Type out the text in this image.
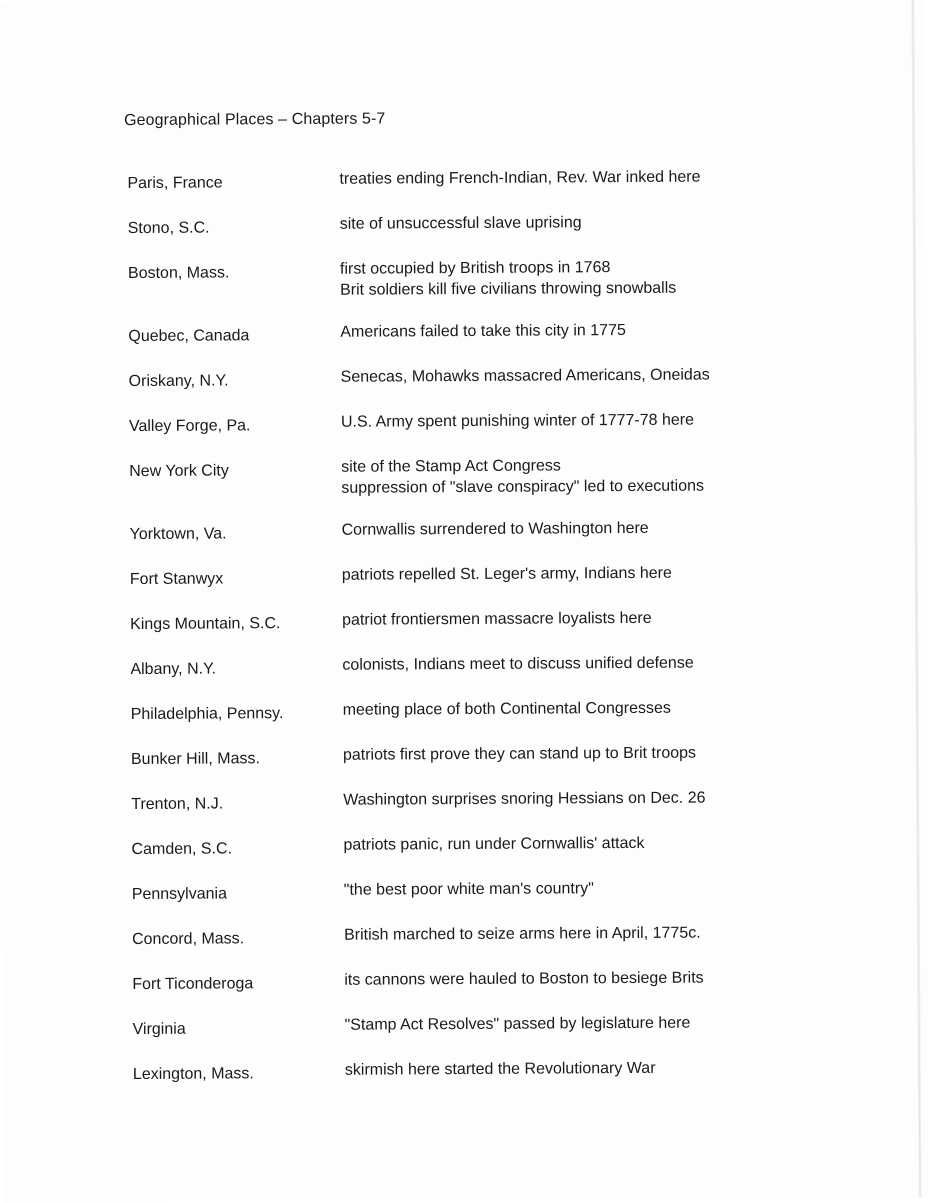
Geographical Places – Chapters 5-7
Paris, France	treaties ending French-Indian, Rev. War inked here
Stono, S.C.	site of unsuccessful slave uprising
Boston, Mass.	first occupied by British troops in 1768
Brit soldiers kill five civilians throwing snowballs
Quebec, Canada	Americans failed to take this city in 1775
Oriskany, N.Y.	Senecas, Mohawks massacred Americans, Oneidas
Valley Forge, Pa.	U.S. Army spent punishing winter of 1777-78 here
New York City	site of the Stamp Act Congress
suppression of "slave conspiracy" led to executions
Yorktown, Va.	Cornwallis surrendered to Washington here
Fort Stanwyx	patriots repelled St. Leger's army, Indians here
Kings Mountain, S.C.	patriot frontiersmen massacre loyalists here
Albany, N.Y.	colonists, Indians meet to discuss unified defense
Philadelphia, Pennsy.	meeting place of both Continental Congresses
Bunker Hill, Mass.	patriots first prove they can stand up to Brit troops
Trenton, N.J.	Washington surprises snoring Hessians on Dec. 26
Camden, S.C.	patriots panic, run under Cornwallis' attack
Pennsylvania	"the best poor white man's country"
Concord, Mass.	British marched to seize arms here in April, 1775c.
Fort Ticonderoga	its cannons were hauled to Boston to besiege Brits
Virginia	"Stamp Act Resolves" passed by legislature here
Lexington, Mass.	skirmish here started the Revolutionary War
